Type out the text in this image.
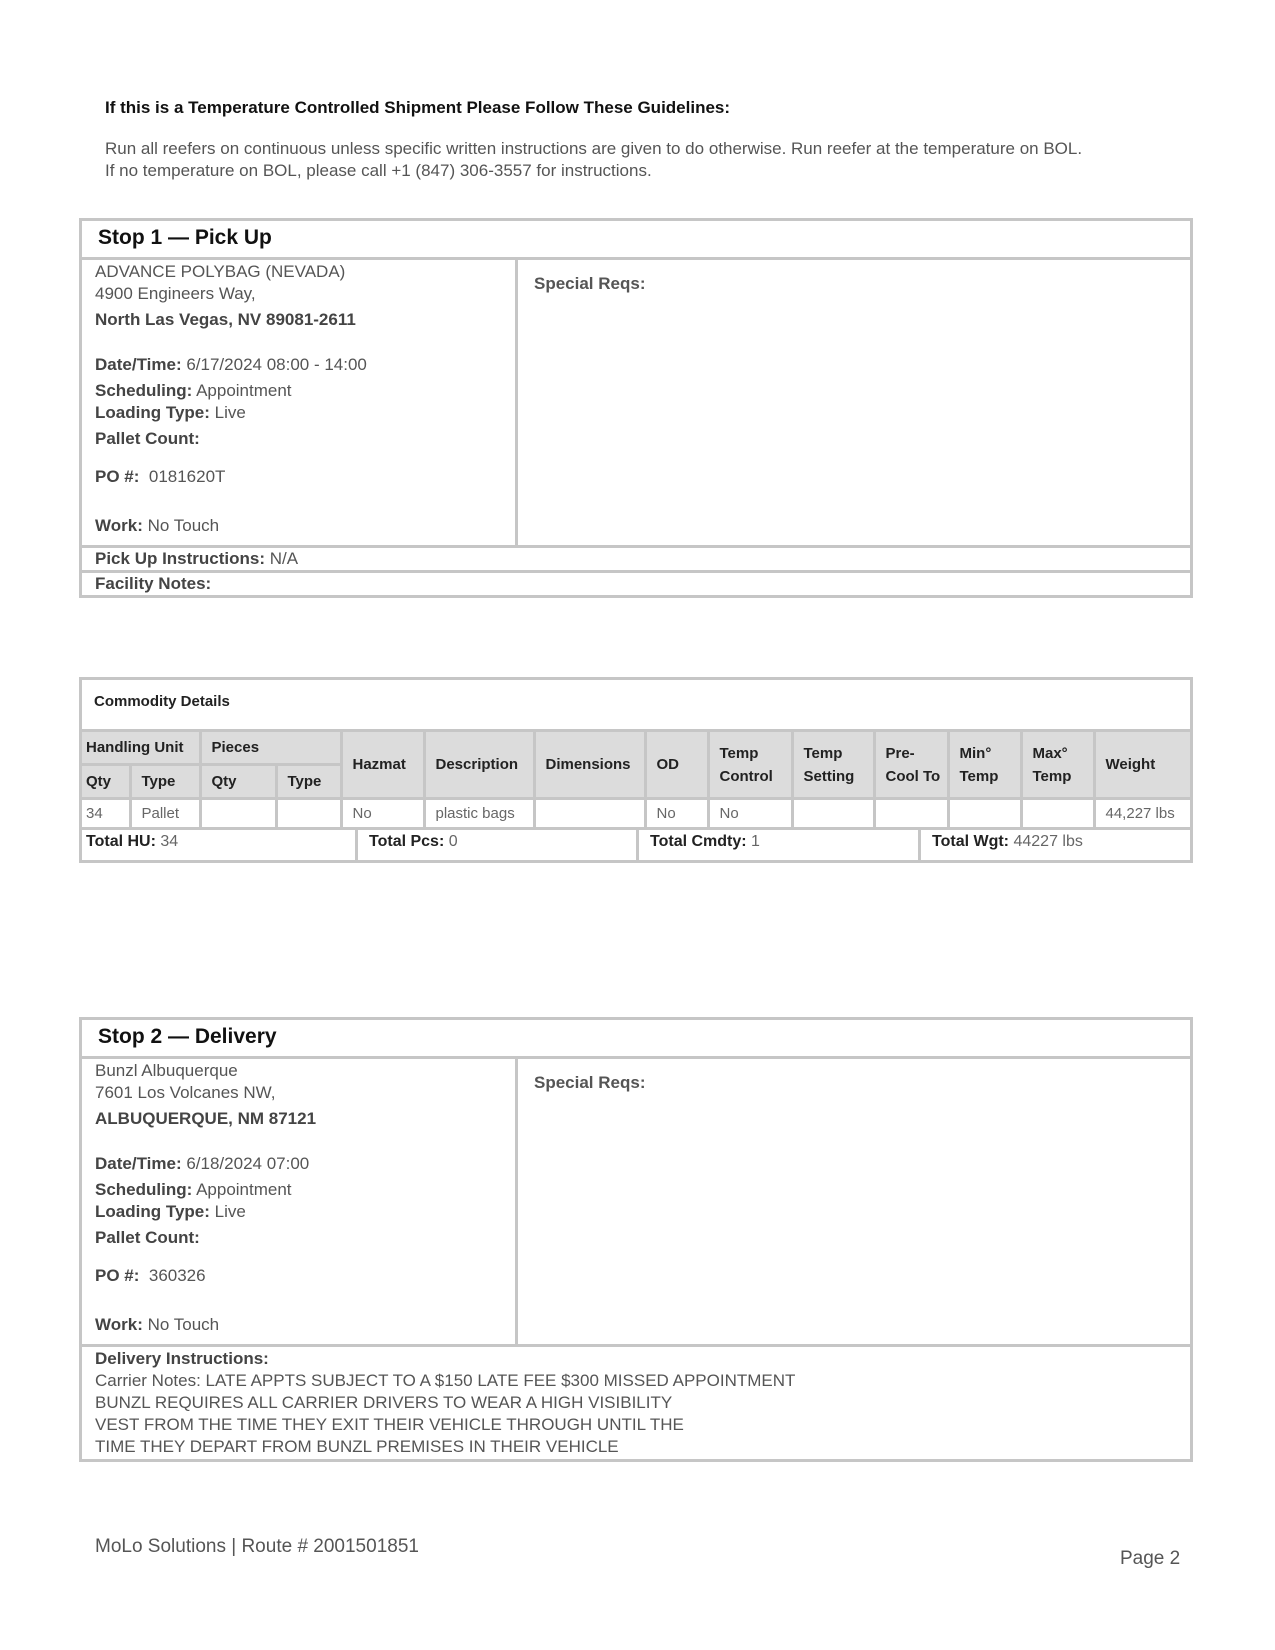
If this is a Temperature Controlled Shipment Please Follow These Guidelines:

Run all reefers on continuous unless specific written instructions are given to do otherwise. Run reefer at the temperature on BOL.
If no temperature on BOL, please call +1 (847) 306-3557 for instructions.

Stop 1 — Pick Up
ADVANCE POLYBAG (NEVADA)
4900 Engineers Way,
North Las Vegas, NV 89081-2611
Date/Time: 6/17/2024 08:00 - 14:00
Scheduling: Appointment
Loading Type: Live
Pallet Count:
PO #: 0181620T
Work: No Touch
Special Reqs:
Pick Up Instructions: N/A
Facility Notes:
Commodity Details
Handling Unit		Pieces		Hazmat	Description	Dimensions	OD	Temp Control	Temp Setting	Pre-Cool To	Min° Temp	Max° Temp	Weight
Qty	Type	Qty	Type										
34	Pallet			No	plastic bags		No	No					44,227 lbs
Total HU: 34	Total Pcs: 0	Total Cmdty: 1	Total Wgt: 44227 lbs
Stop 2 — Delivery
Bunzl Albuquerque
7601 Los Volcanes NW,
ALBUQUERQUE, NM 87121
Date/Time: 6/18/2024 07:00
Scheduling: Appointment
Loading Type: Live
Pallet Count:
PO #: 360326
Work: No Touch
Special Reqs:
Delivery Instructions:
Carrier Notes: LATE APPTS SUBJECT TO A $150 LATE FEE $300 MISSED APPOINTMENT
BUNZL REQUIRES ALL CARRIER DRIVERS TO WEAR A HIGH VISIBILITY
VEST FROM THE TIME THEY EXIT THEIR VEHICLE THROUGH UNTIL THE
TIME THEY DEPART FROM BUNZL PREMISES IN THEIR VEHICLE
MoLo Solutions | Route # 2001501851
Page 2
